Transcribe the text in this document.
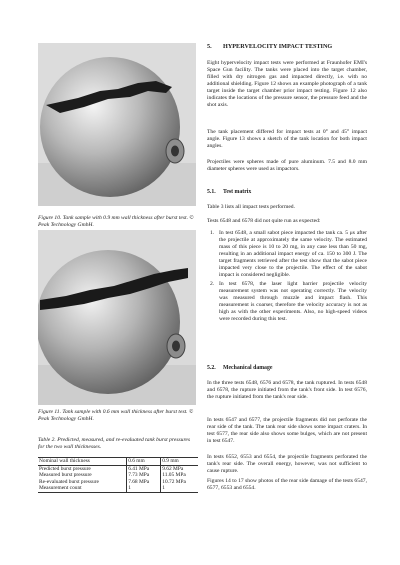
Figure 10. Tank sample with 0.9 mm wall thickness after burst test. © Peak Technology GmbH.
Figure 11. Tank sample with 0.6 mm wall thickness after burst test. © Peak Technology GmbH.
Table 2. Predicted, measured, and re-evaluated tank burst pressures for the two wall thicknesses.
Nominal wall thickness	0.6 mm	0.9 mm
Predicted burst pressure	6.41 MPa	9.62 MPa
Measured burst pressure	7.73 MPa	11.05 MPa
Re-evaluated burst pressure	7.68 MPa	10.72 MPa
Measurement count	1	1
5. HYPERVELOCITY IMPACT TESTING

Eight hypervelocity impact tests were performed at Fraunhofer EMI's Space Gun facility. The tanks were placed into the target chamber, filled with dry nitrogen gas and impacted directly, i.e. with no additional shielding. Figure 12 shows an example photograph of a tank target inside the target chamber prior impact testing. Figure 12 also indicates the locations of the pressure sensor, the pressure feed and the shot axis.

The tank placement differed for impact tests at 0° and 45° impact angle. Figure 13 shows a sketch of the tank location for both impact angles.

Projectiles were spheres made of pure aluminum. 7.5 and 8.0 mm diameter spheres were used as impactors.

5.1. Test matrix

Table 3 lists all impact tests performed.

Tests 6548 and 6578 did not quite run as expected:

1. In test 6548, a small sabot piece impacted the tank ca. 5 μs after the projectile at approximately the same velocity. The estimated mass of this piece is 10 to 20 mg, in any case less than 50 mg, resulting in an additional impact energy of ca. 150 to 300 J. The target fragments retrieved after the test show that the sabot piece impacted very close to the projectile. The effect of the sabot impact is considered negligible.
2. In test 6578, the laser light barrier projectile velocity measurement system was not operating correctly. The velocity was measured through muzzle and impact flash. This measurement is coarser, therefore the velocity accuracy is not as high as with the other experiments. Also, no high-speed videos were recorded during this test.
5.2. Mechanical damage

In the three tests 6548, 6576 and 6578, the tank ruptured. In tests 6548 and 6578, the rupture initiated from the tank's front side. In test 6576, the rupture initiated from the tank's rear side.

In tests 6547 and 6577, the projectile fragments did not perforate the rear side of the tank. The tank rear side shows some impact craters. In test 6577, the rear side also shows some bulges, which are not present in test 6547.

In tests 6552, 6553 and 6554, the projectile fragments perforated the tank's rear side. The overall energy, however, was not sufficient to cause rupture.

Figures 14 to 17 show photos of the rear side damage of the tests 6547, 6577, 6553 and 6554.
